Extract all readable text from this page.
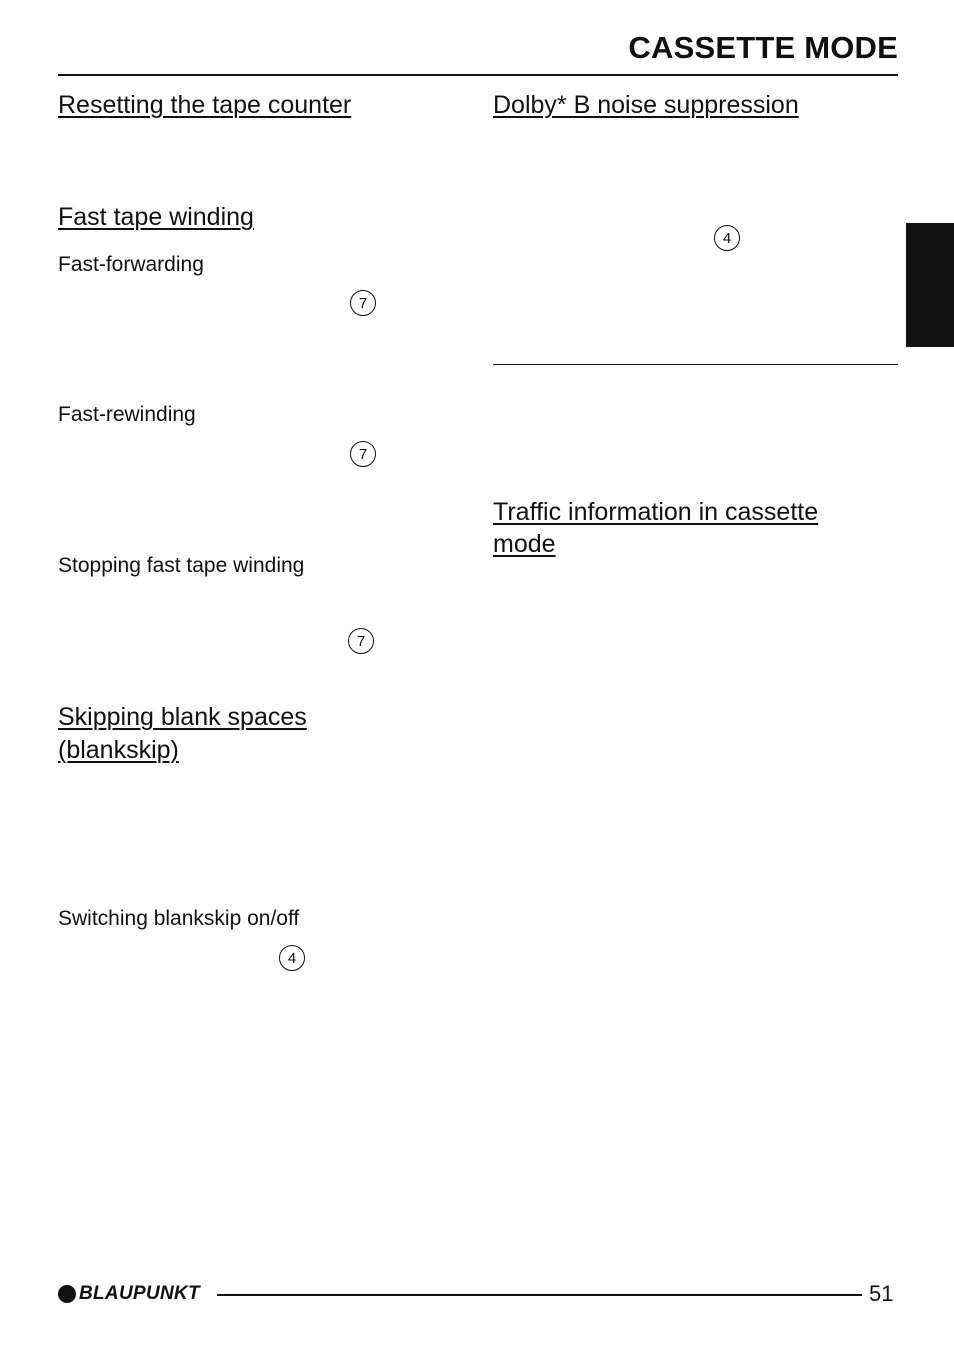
CASSETTE MODE
Resetting the tape counter
Fast tape winding
Fast-forwarding
7
Fast-rewinding
7
Stopping fast tape winding
7
Skipping blank spaces
(blankskip)
Switching blankskip on/off
4
Dolby* B noise suppression
4
Traffic information in cassette
mode
BLAUPUNKT	51
